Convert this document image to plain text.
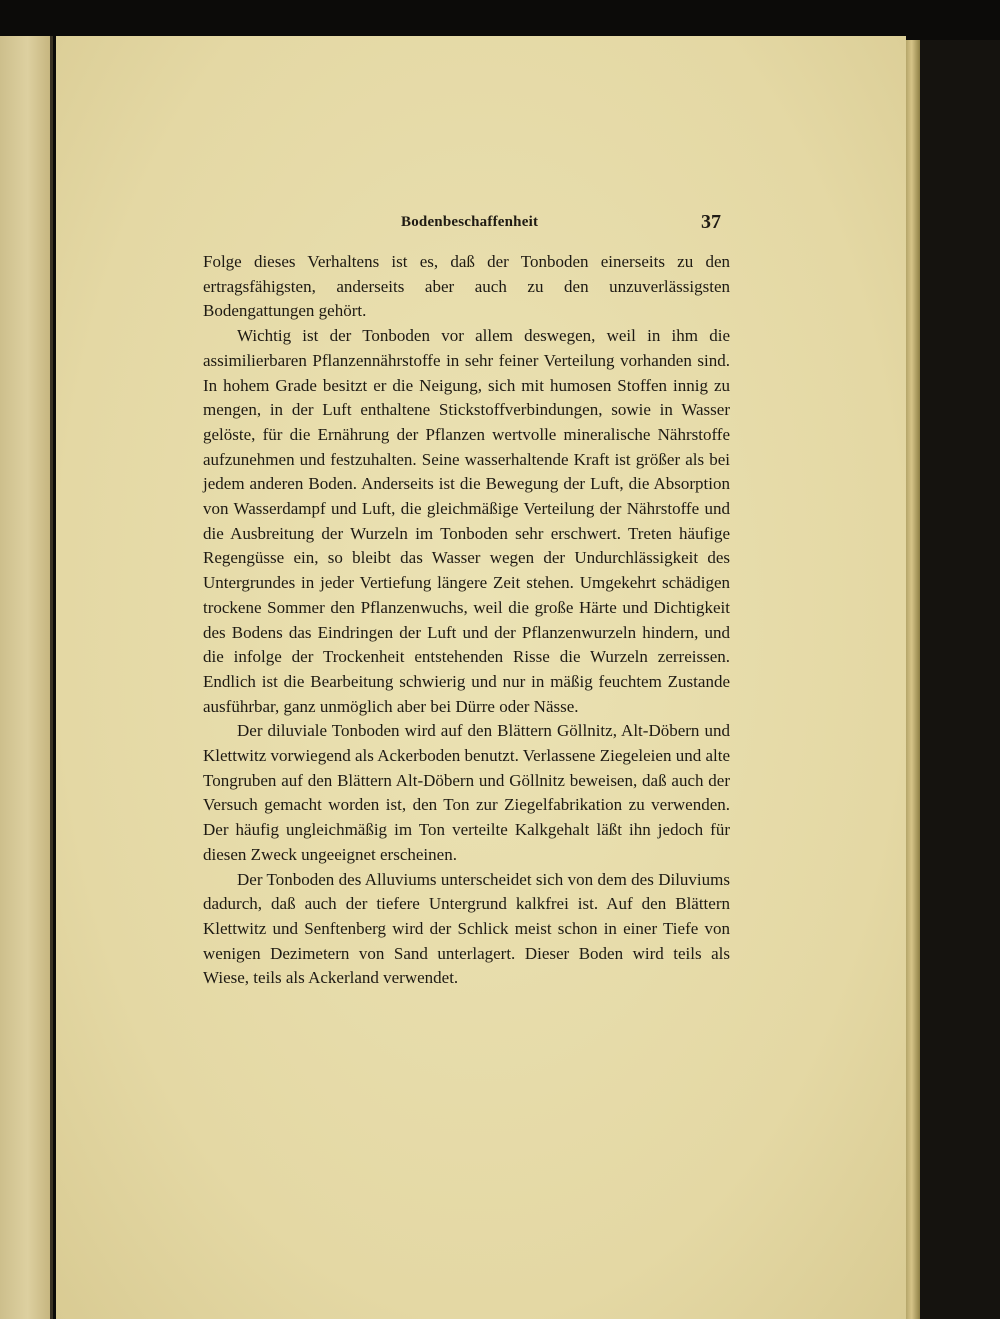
Bodenbeschaffenheit	37

Folge dieses Verhaltens ist es, daß der Tonboden einerseits zu den ertragsfähigsten, anderseits aber auch zu den unzuverlässigsten Bodengattungen gehört.

Wichtig ist der Tonboden vor allem deswegen, weil in ihm die assimilierbaren Pflanzennährstoffe in sehr feiner Verteilung vorhanden sind. In hohem Grade besitzt er die Neigung, sich mit humosen Stoffen innig zu mengen, in der Luft enthaltene Stickstoffverbindungen, sowie in Wasser gelöste, für die Ernährung der Pflanzen wertvolle mineralische Nährstoffe aufzunehmen und festzuhalten. Seine wasserhaltende Kraft ist größer als bei jedem anderen Boden. Anderseits ist die Bewegung der Luft, die Absorption von Wasserdampf und Luft, die gleichmäßige Verteilung der Nährstoffe und die Ausbreitung der Wurzeln im Tonboden sehr erschwert. Treten häufige Regengüsse ein, so bleibt das Wasser wegen der Undurchlässigkeit des Untergrundes in jeder Vertiefung längere Zeit stehen. Umgekehrt schädigen trockene Sommer den Pflanzenwuchs, weil die große Härte und Dichtigkeit des Bodens das Eindringen der Luft und der Pflanzenwurzeln hindern, und die infolge der Trockenheit entstehenden Risse die Wurzeln zerreissen. Endlich ist die Bearbeitung schwierig und nur in mäßig feuchtem Zustande ausführbar, ganz unmöglich aber bei Dürre oder Nässe.

Der diluviale Tonboden wird auf den Blättern Göllnitz, Alt-Döbern und Klettwitz vorwiegend als Ackerboden benutzt. Verlassene Ziegeleien und alte Tongruben auf den Blättern Alt-Döbern und Göllnitz beweisen, daß auch der Versuch gemacht worden ist, den Ton zur Ziegelfabrikation zu verwenden. Der häufig ungleichmäßig im Ton verteilte Kalkgehalt läßt ihn jedoch für diesen Zweck ungeeignet erscheinen.

Der Tonboden des Alluviums unterscheidet sich von dem des Diluviums dadurch, daß auch der tiefere Untergrund kalkfrei ist. Auf den Blättern Klettwitz und Senftenberg wird der Schlick meist schon in einer Tiefe von wenigen Dezimetern von Sand unterlagert. Dieser Boden wird teils als Wiese, teils als Ackerland verwendet.
